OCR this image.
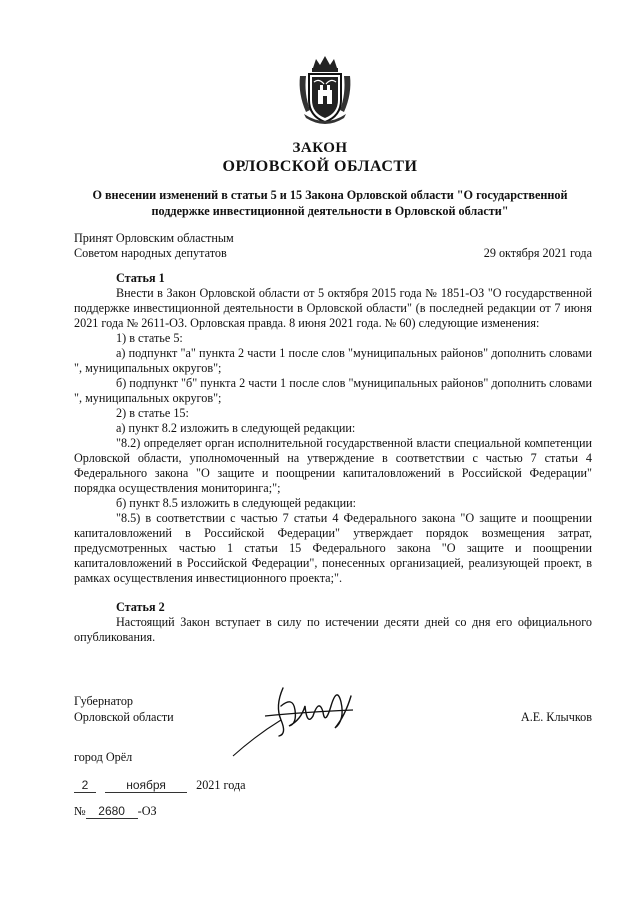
ЗАКОН
ОРЛОВСКОЙ ОБЛАСТИ
О внесении изменений в статьи 5 и 15 Закона Орловской области "О государственной
поддержке инвестиционной деятельности в Орловской области"
Принят Орловским областным
Советом народных депутатов	29 октября 2021 года

Статья 1

Внести в Закон Орловской области от 5 октября 2015 года № 1851-ОЗ "О государственной поддержке инвестиционной деятельности в Орловской области" (в последней редакции от 7 июня 2021 года № 2611-ОЗ. Орловская правда. 8 июня 2021 года. № 60) следующие изменения:

1) в статье 5:

а) подпункт "а" пункта 2 части 1 после слов "муниципальных районов" дополнить словами ", муниципальных округов";

б) подпункт "б" пункта 2 части 1 после слов "муниципальных районов" дополнить словами ", муниципальных округов";

2) в статье 15:

а) пункт 8.2 изложить в следующей редакции:

"8.2) определяет орган исполнительной государственной власти специальной компетенции Орловской области, уполномоченный на утверждение в соответствии с частью 7 статьи 4 Федерального закона "О защите и поощрении капиталовложений в Российской Федерации" порядка осуществления мониторинга;";

б) пункт 8.5 изложить в следующей редакции:

"8.5) в соответствии с частью 7 статьи 4 Федерального закона "О защите и поощрении капиталовложений в Российской Федерации" утверждает порядок возмещения затрат, предусмотренных частью 1 статьи 15 Федерального закона "О защите и поощрении капиталовложений в Российской Федерации", понесенных организацией, реализующей проект, в рамках осуществления инвестиционного проекта;".

Статья 2

Настоящий Закон вступает в силу по истечении десяти дней со дня его официального опубликования.

Губернатор
Орловской области	А.Е. Клычков
город Орёл
2	ноября 2021 года
№ 2680 -ОЗ
